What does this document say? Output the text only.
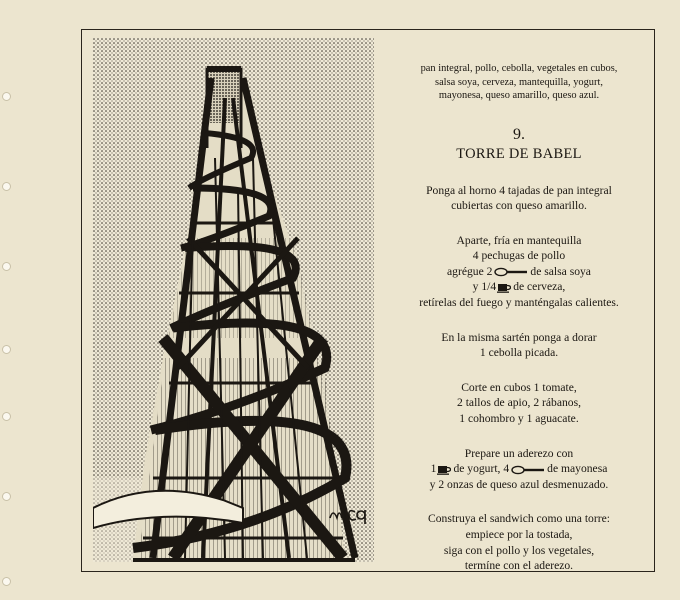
pan integral, pollo, cebolla, vegetales en cubos,

salsa soya, cerveza, mantequilla, yogurt,

mayonesa, queso amarillo, queso azul.

9.

TORRE DE BABEL

Ponga al horno 4 tajadas de pan integral

cubiertas con queso amarillo.

Aparte, fría en mantequilla

4 pechugas de pollo

agrégue 2	de salsa soya

y 1/4 de cerveza,

retírelas del fuego y manténgalas calientes.

En la misma sartén ponga a dorar

1 cebolla picada.

Corte en cubos 1 tomate,

2 tallos de apio, 2 rábanos,

1 cohombro y 1 aguacate.

Prepare un aderezo con

1 de yogurt, 4	de mayonesa

y 2 onzas de queso azul desmenuzado.

Construya el sandwich como una torre:

empiece por la tostada,

siga con el pollo y los vegetales,

termíne con el aderezo.
